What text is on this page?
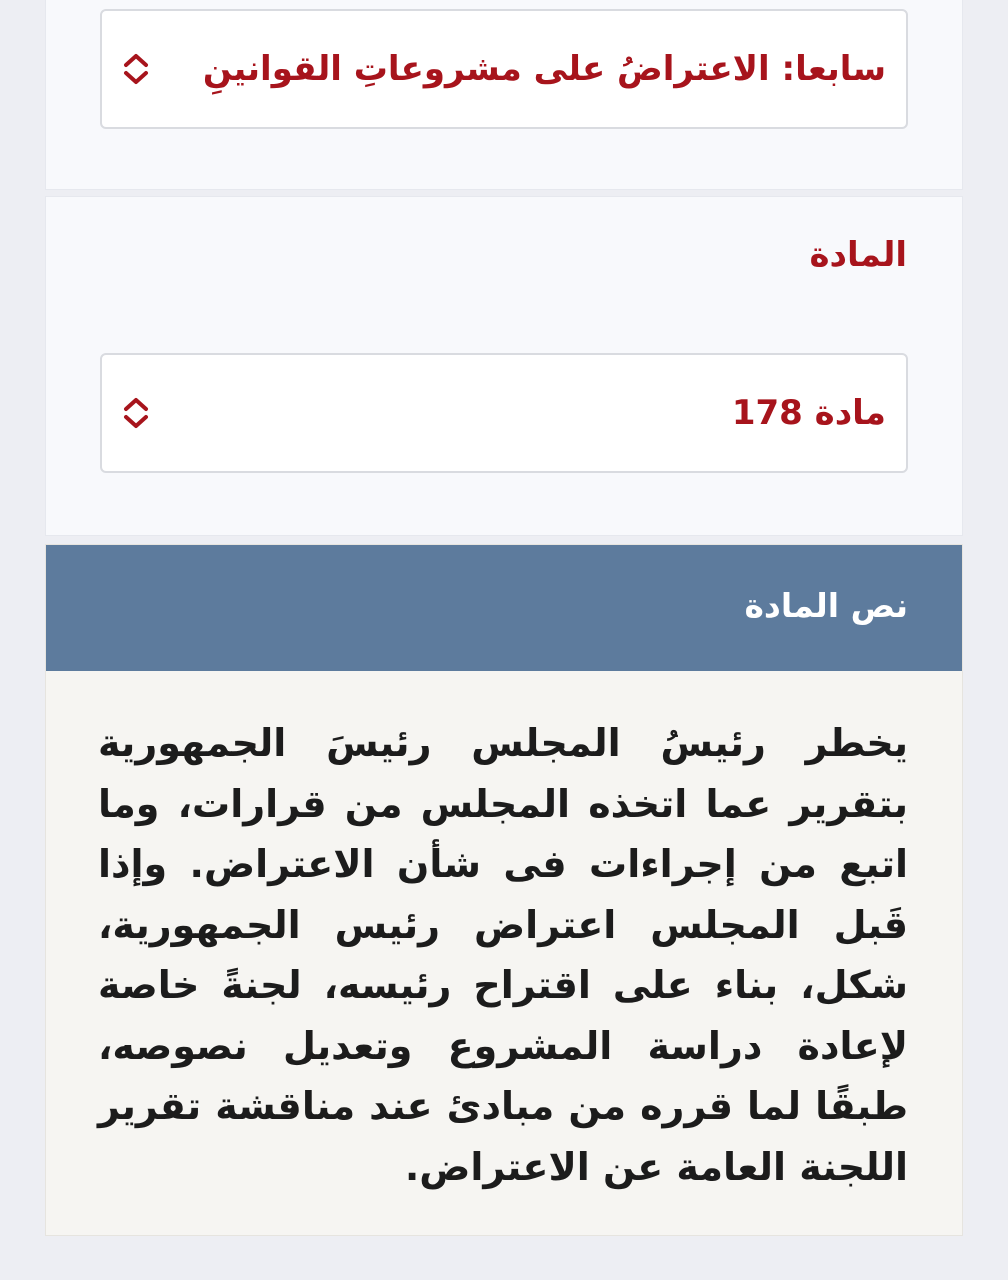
سابعا: الاعتراضُ على مشروعاتِ القوانينِ
المادة
مادة 178
نص المادة

يخطر رئيسُ المجلس رئيسَ الجمهورية بتقرير عما اتخذه المجلس من قرارات، وما اتبع من إجراءات فى شأن الاعتراض. وإذا قَبل المجلس اعتراض رئيس الجمهورية، شكل، بناء على اقتراح رئيسه، لجنةً خاصة لإعادة دراسة المشروع وتعديل نصوصه، طبقًا لما قرره من مبادئ عند مناقشة تقرير اللجنة العامة عن الاعتراض.
